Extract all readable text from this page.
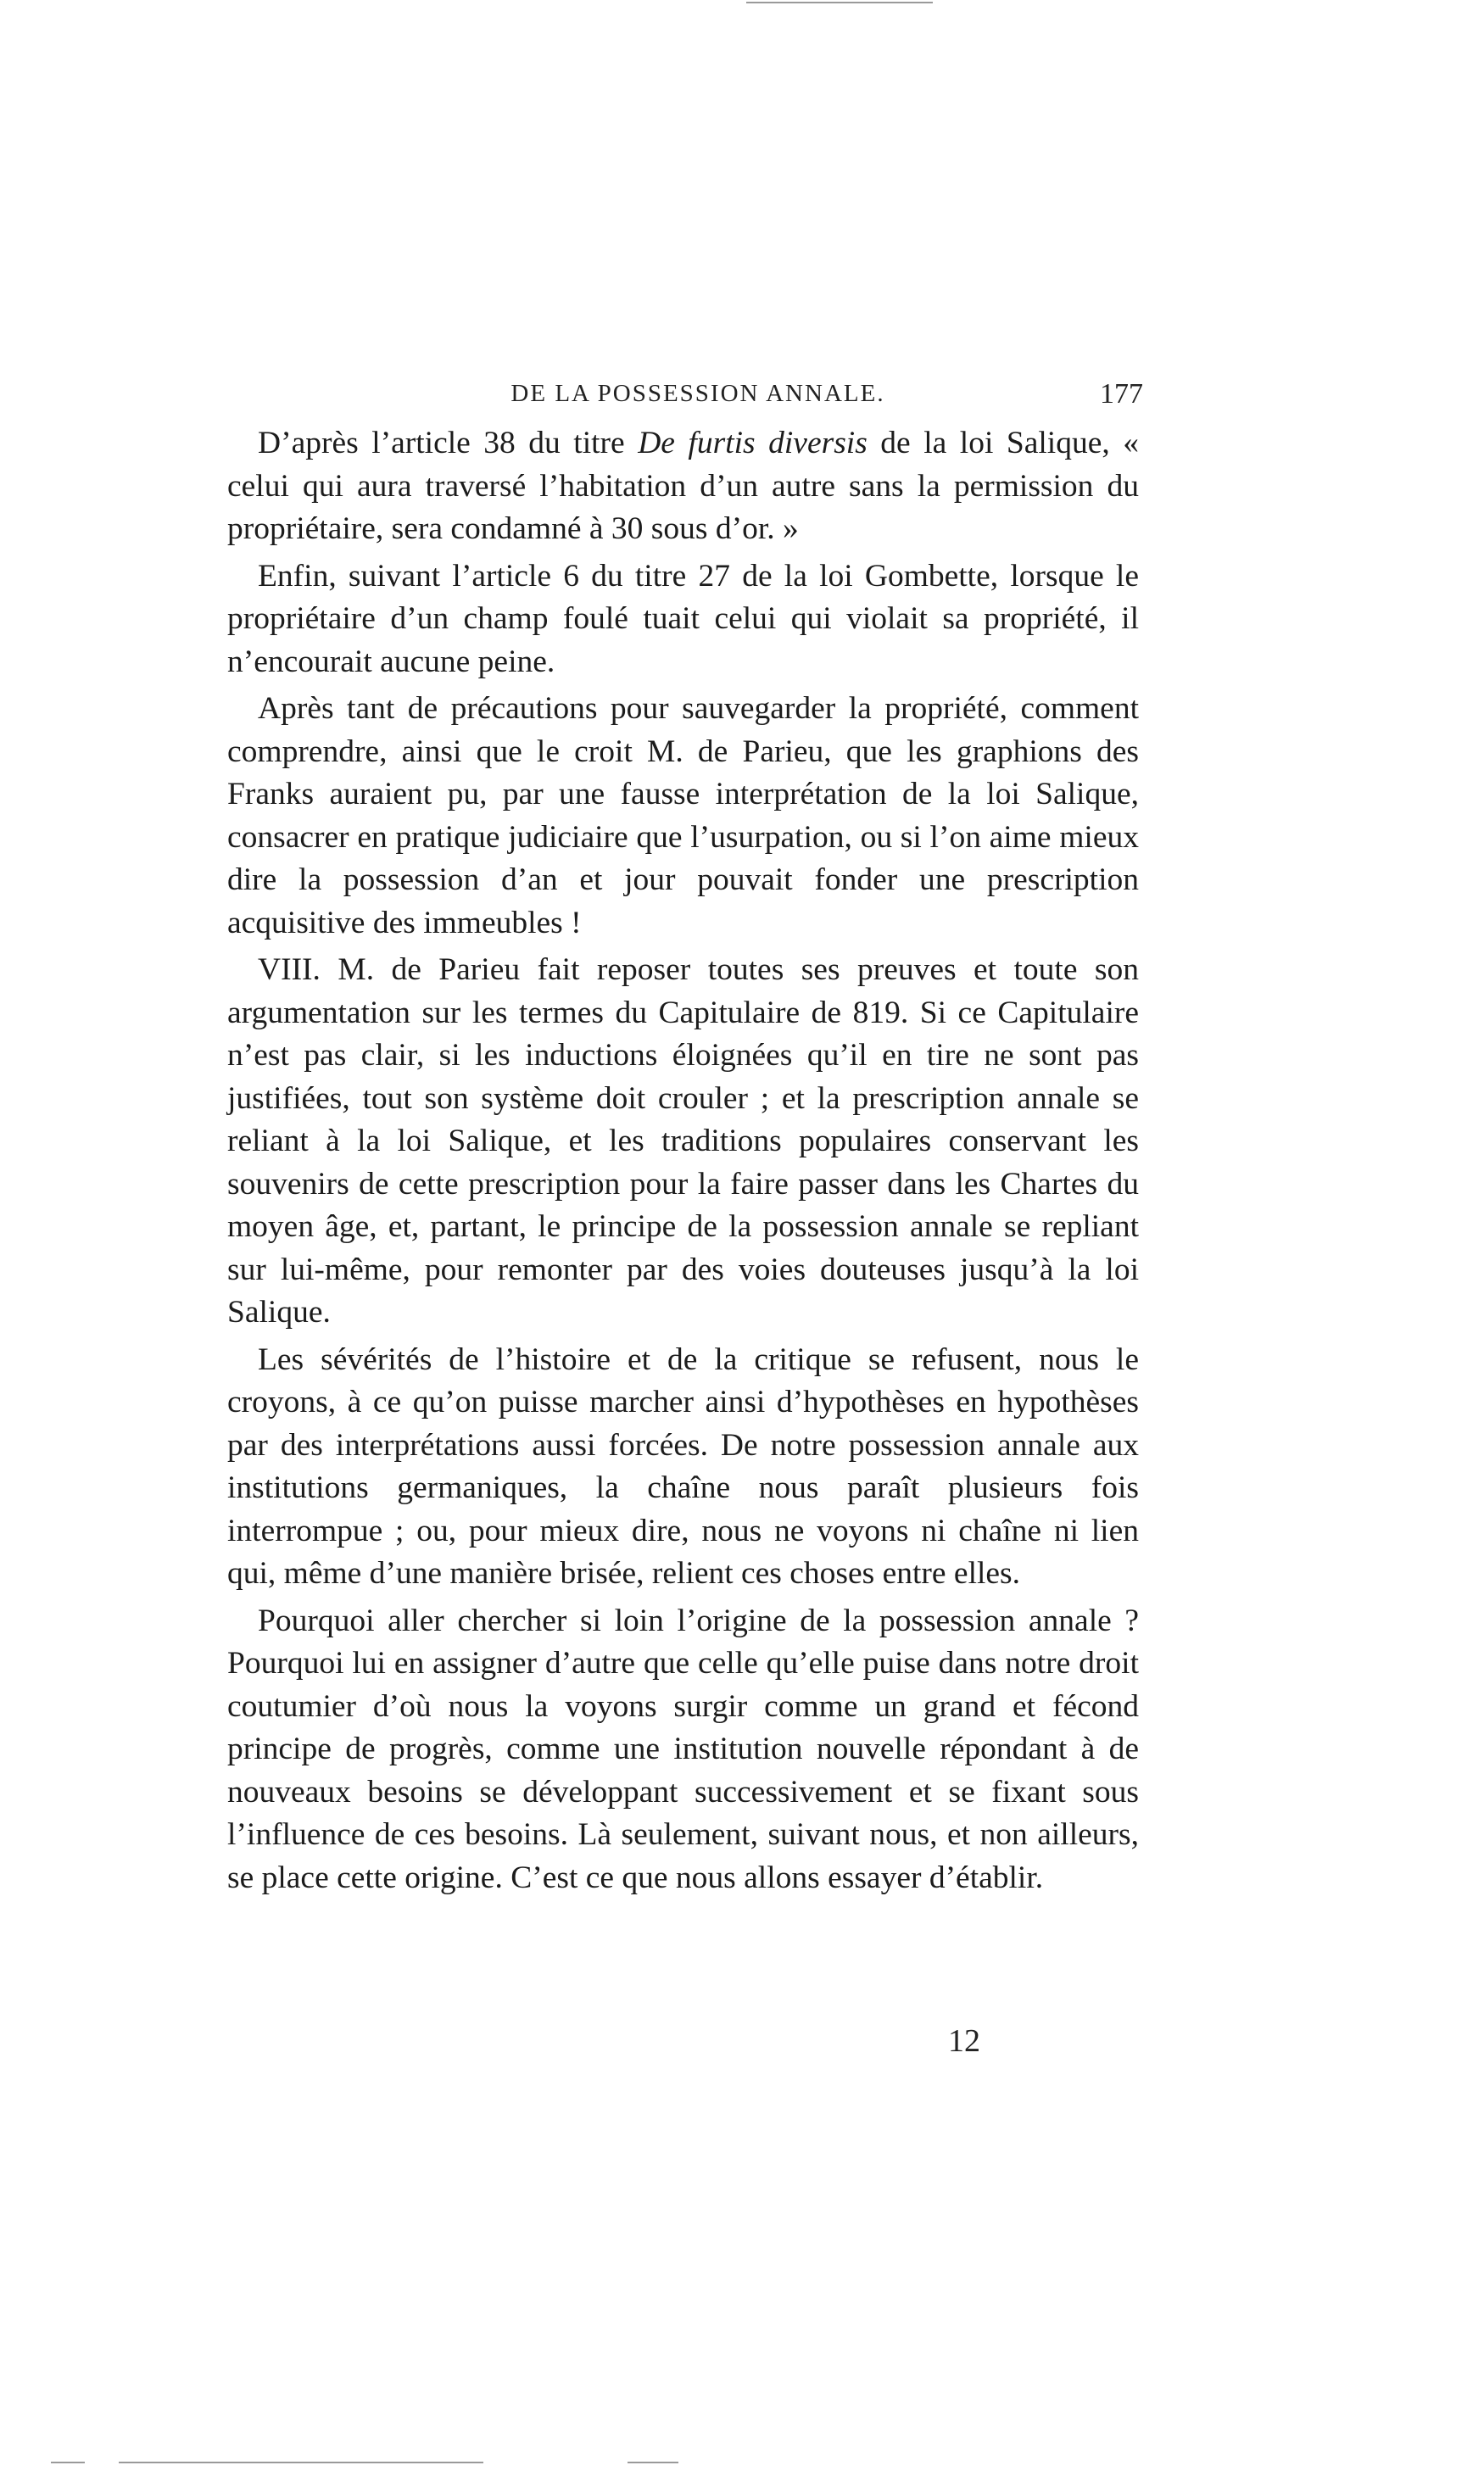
DE LA POSSESSION ANNALE.	177

D’après l’article 38 du titre De furtis diversis de la loi Salique, « celui qui aura traversé l’habitation d’un autre sans la permission du propriétaire, sera condamné à 30 sous d’or. »

Enfin, suivant l’article 6 du titre 27 de la loi Gombette, lorsque le propriétaire d’un champ foulé tuait celui qui violait sa propriété, il n’encourait aucune peine.

Après tant de précautions pour sauvegarder la propriété, comment comprendre, ainsi que le croit M. de Parieu, que les graphions des Franks auraient pu, par une fausse interprétation de la loi Salique, consacrer en pratique judiciaire que l’usurpation, ou si l’on aime mieux dire la possession d’an et jour pouvait fonder une prescription acquisitive des immeubles !

VIII. M. de Parieu fait reposer toutes ses preuves et toute son argumentation sur les termes du Capitulaire de 819. Si ce Capitulaire n’est pas clair, si les inductions éloignées qu’il en tire ne sont pas justifiées, tout son système doit crouler ; et la prescription annale se reliant à la loi Salique, et les traditions populaires conservant les souvenirs de cette prescription pour la faire passer dans les Chartes du moyen âge, et, partant, le principe de la possession annale se repliant sur lui-même, pour remonter par des voies douteuses jusqu’à la loi Salique.

Les sévérités de l’histoire et de la critique se refusent, nous le croyons, à ce qu’on puisse marcher ainsi d’hypothèses en hypothèses par des interprétations aussi forcées. De notre possession annale aux institutions germaniques, la chaîne nous paraît plusieurs fois interrompue ; ou, pour mieux dire, nous ne voyons ni chaîne ni lien qui, même d’une manière brisée, relient ces choses entre elles.

Pourquoi aller chercher si loin l’origine de la possession annale ? Pourquoi lui en assigner d’autre que celle qu’elle puise dans notre droit coutumier d’où nous la voyons surgir comme un grand et fécond principe de progrès, comme une institution nouvelle répondant à de nouveaux besoins se développant successivement et se fixant sous l’influence de ces besoins. Là seulement, suivant nous, et non ailleurs, se place cette origine. C’est ce que nous allons essayer d’établir.

12
